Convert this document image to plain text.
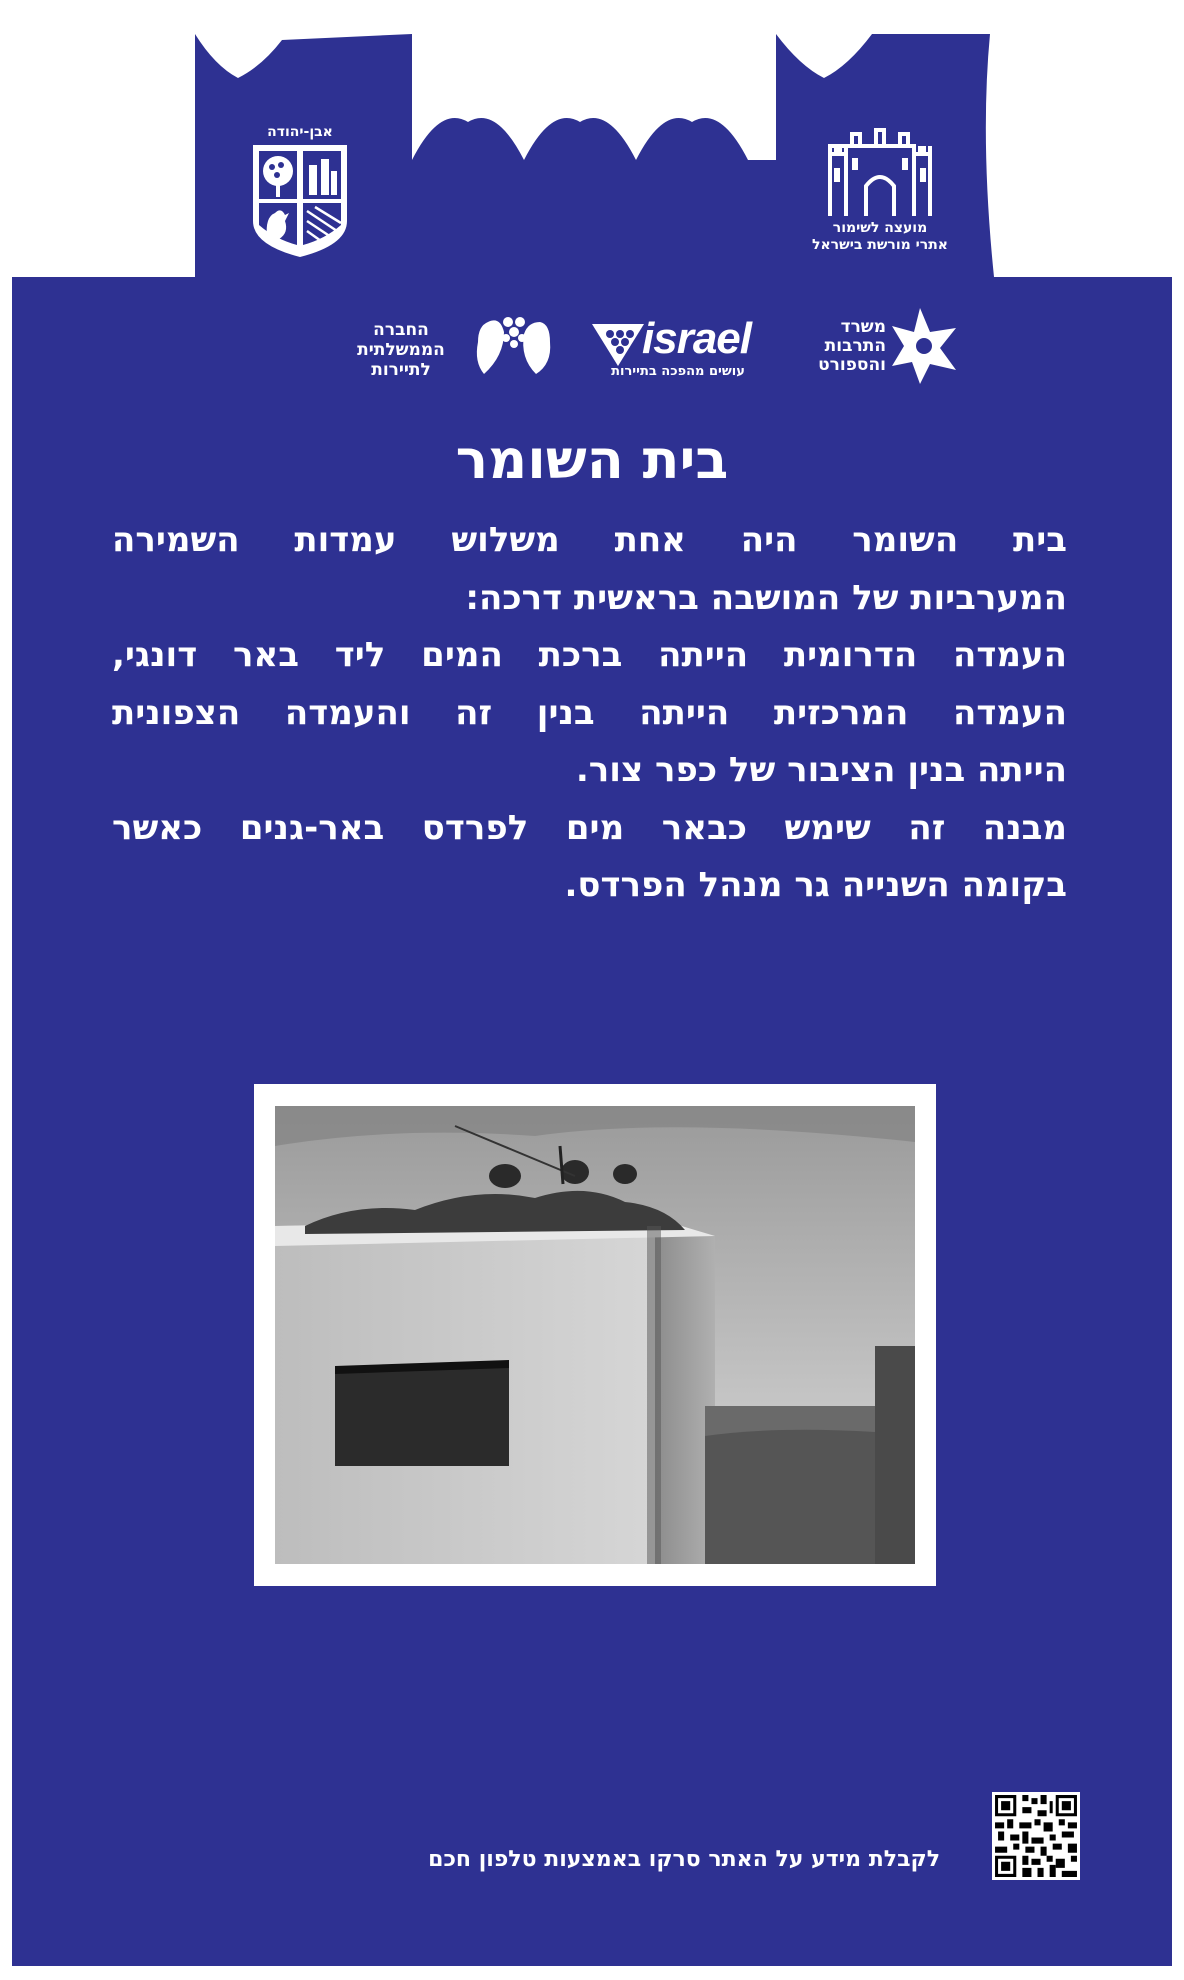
אבן-יהודה
מועצה לשימור
אתרי מורשת בישראל
משרד
התרבות
והספורט
israel
עושים מהפכה בתיירות
החברה
הממשלתית
לתיירות
בית השומר
בית השומר היה אחת משלוש עמדות השמירה
המערביות של המושבה בראשית דרכה:
העמדה הדרומית הייתה ברכת המים ליד באר דונגי,
העמדה המרכזית הייתה בנין זה והעמדה הצפונית
הייתה בנין הציבור של כפר צור.
מבנה זה שימש כבאר מים לפרדס באר-גנים כאשר
בקומה השנייה גר מנהל הפרדס.
לקבלת מידע על האתר סרקו באמצעות טלפון חכם
